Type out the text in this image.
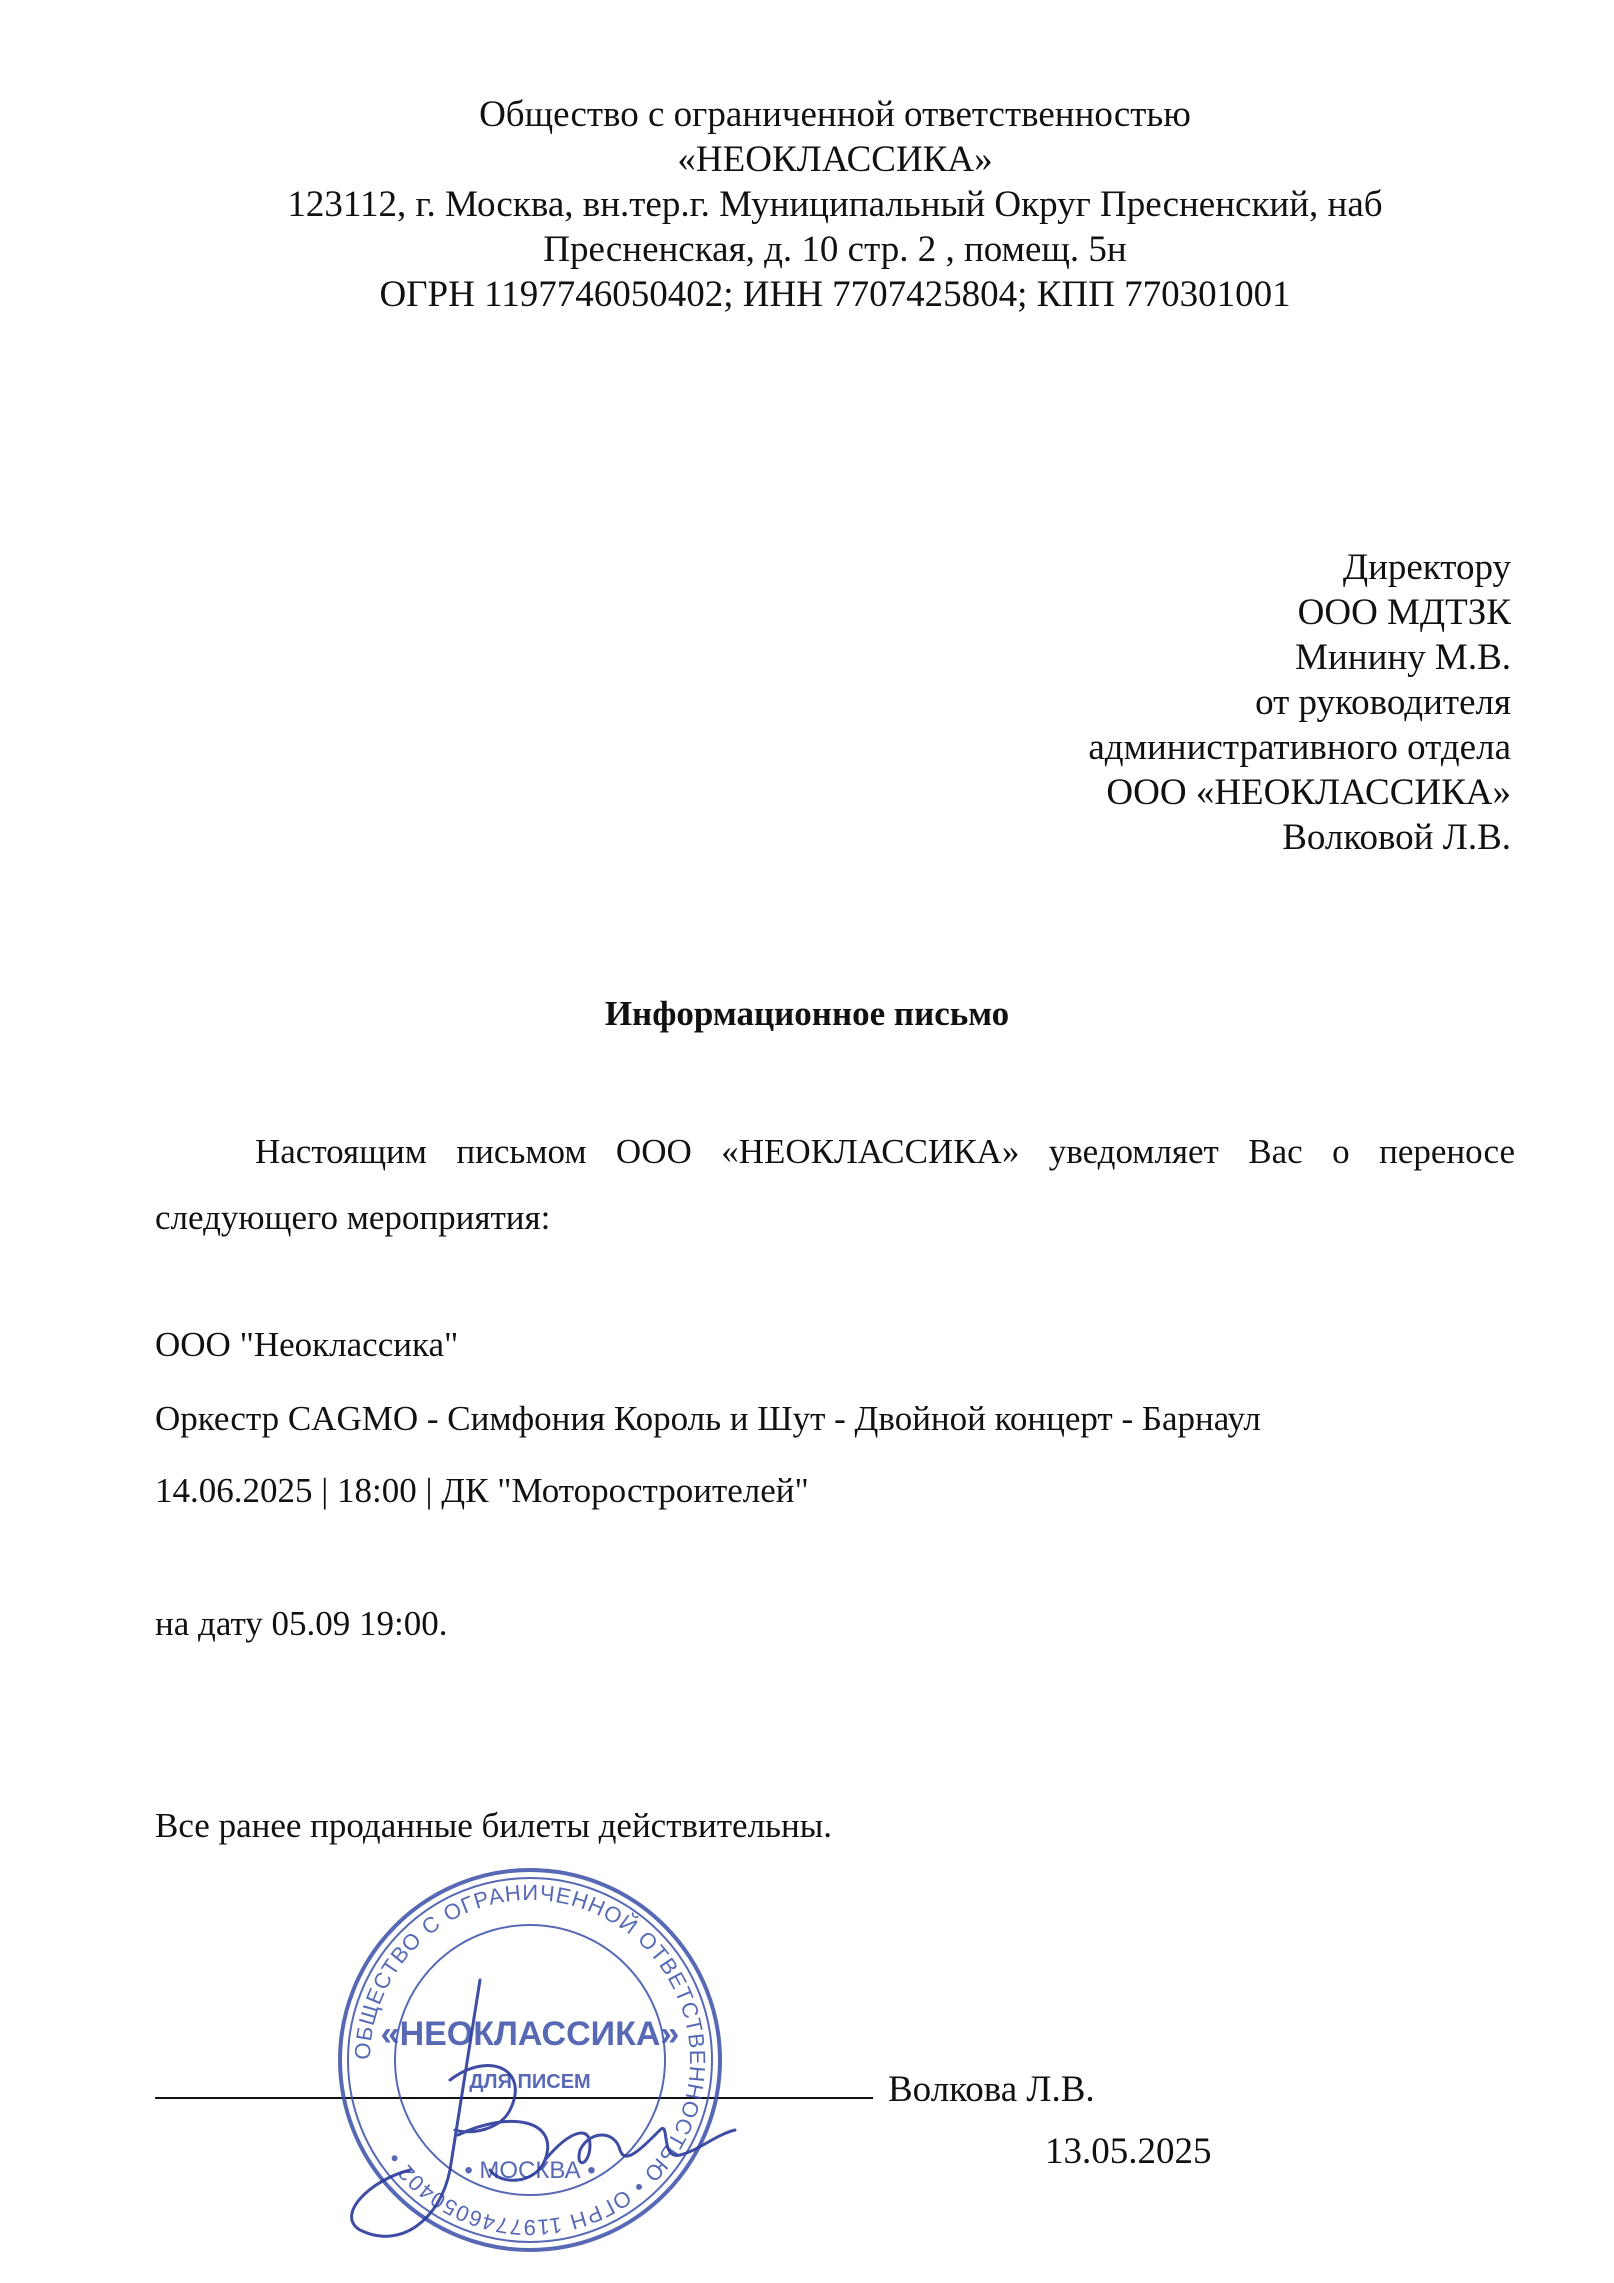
Общество с ограниченной ответственностью
«НЕОКЛАССИКА»
123112, г. Москва, вн.тер.г. Муниципальный Округ Пресненский, наб
Пресненская, д. 10 стр. 2 , помещ. 5н
ОГРН 1197746050402; ИНН 7707425804; КПП 770301001
Директору
ООО МДТЗК
Минину М.В.
от руководителя
административного отдела
ООО «НЕОКЛАССИКА»
Волковой Л.В.
Информационное письмо
Настоящим письмом ООО «НЕОКЛАССИКА» уведомляет Вас о переносе
следующего мероприятия:
ООО "Неоклассика"
Оркестр CAGMO - Симфония Король и Шут - Двойной концерт - Барнаул
14.06.2025 | 18:00 | ДК "Моторостроителей"
на дату 05.09 19:00.
Все ранее проданные билеты действительны.
Волкова Л.В.
13.05.2025
ОБЩЕСТВО С ОГРАНИЧЕННОЙ ОТВЕТСТВЕННОСТЬЮ • ОГРН 1197746050402 •
«НЕОКЛАССИКА»
ДЛЯ ПИСЕМ
• МОСКВА •
